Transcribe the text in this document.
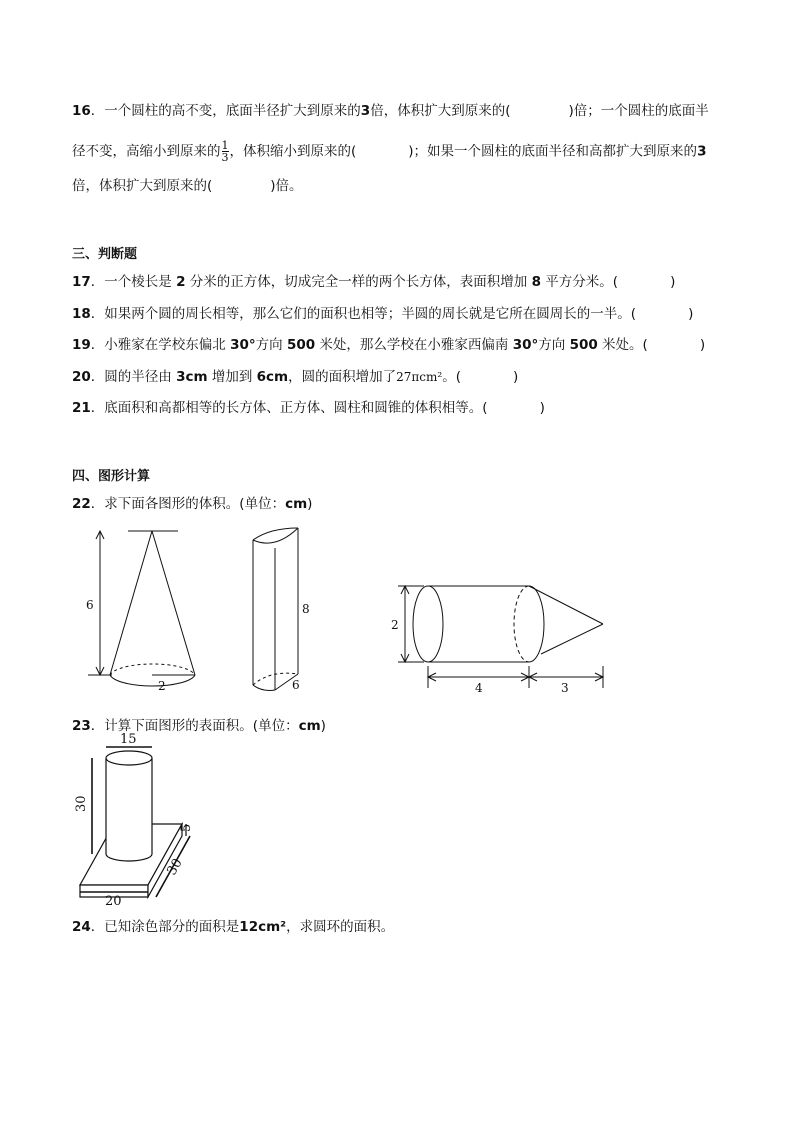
16．一个圆柱的高不变，底面半径扩大到原来的3倍，体积扩大到原来的(	)倍；一个圆柱的底面半
径不变，高缩小到原来的 $\frac{1}{3}$ ，体积缩小到原来的(	)；如果一个圆柱的底面半径和高都扩大到原来的3
倍，体积扩大到原来的(	)倍。
三、判断题
17．一个棱长是 2 分米的正方体，切成完全一样的两个长方体，表面积增加 8 平方分米。(	)
18．如果两个圆的周长相等，那么它们的面积也相等；半圆的周长就是它所在圆周长的一半。(	)
19．小雅家在学校东偏北 30°方向 500 米处，那么学校在小雅家西偏南 30°方向 500 米处。(	)
20．圆的半径由 3cm 增加到 6cm，圆的面积增加了27πcm²。(	)
21．底面积和高都相等的长方体、正方体、圆柱和圆锥的体积相等。(	)
四、图形计算
22．求下面各图形的体积。(单位：cm)
6
2
8
6
2
4	3
23．计算下面图形的表面积。(单位：cm)
15
30
5
30
20
24．已知涂色部分的面积是12cm²，求圆环的面积。
